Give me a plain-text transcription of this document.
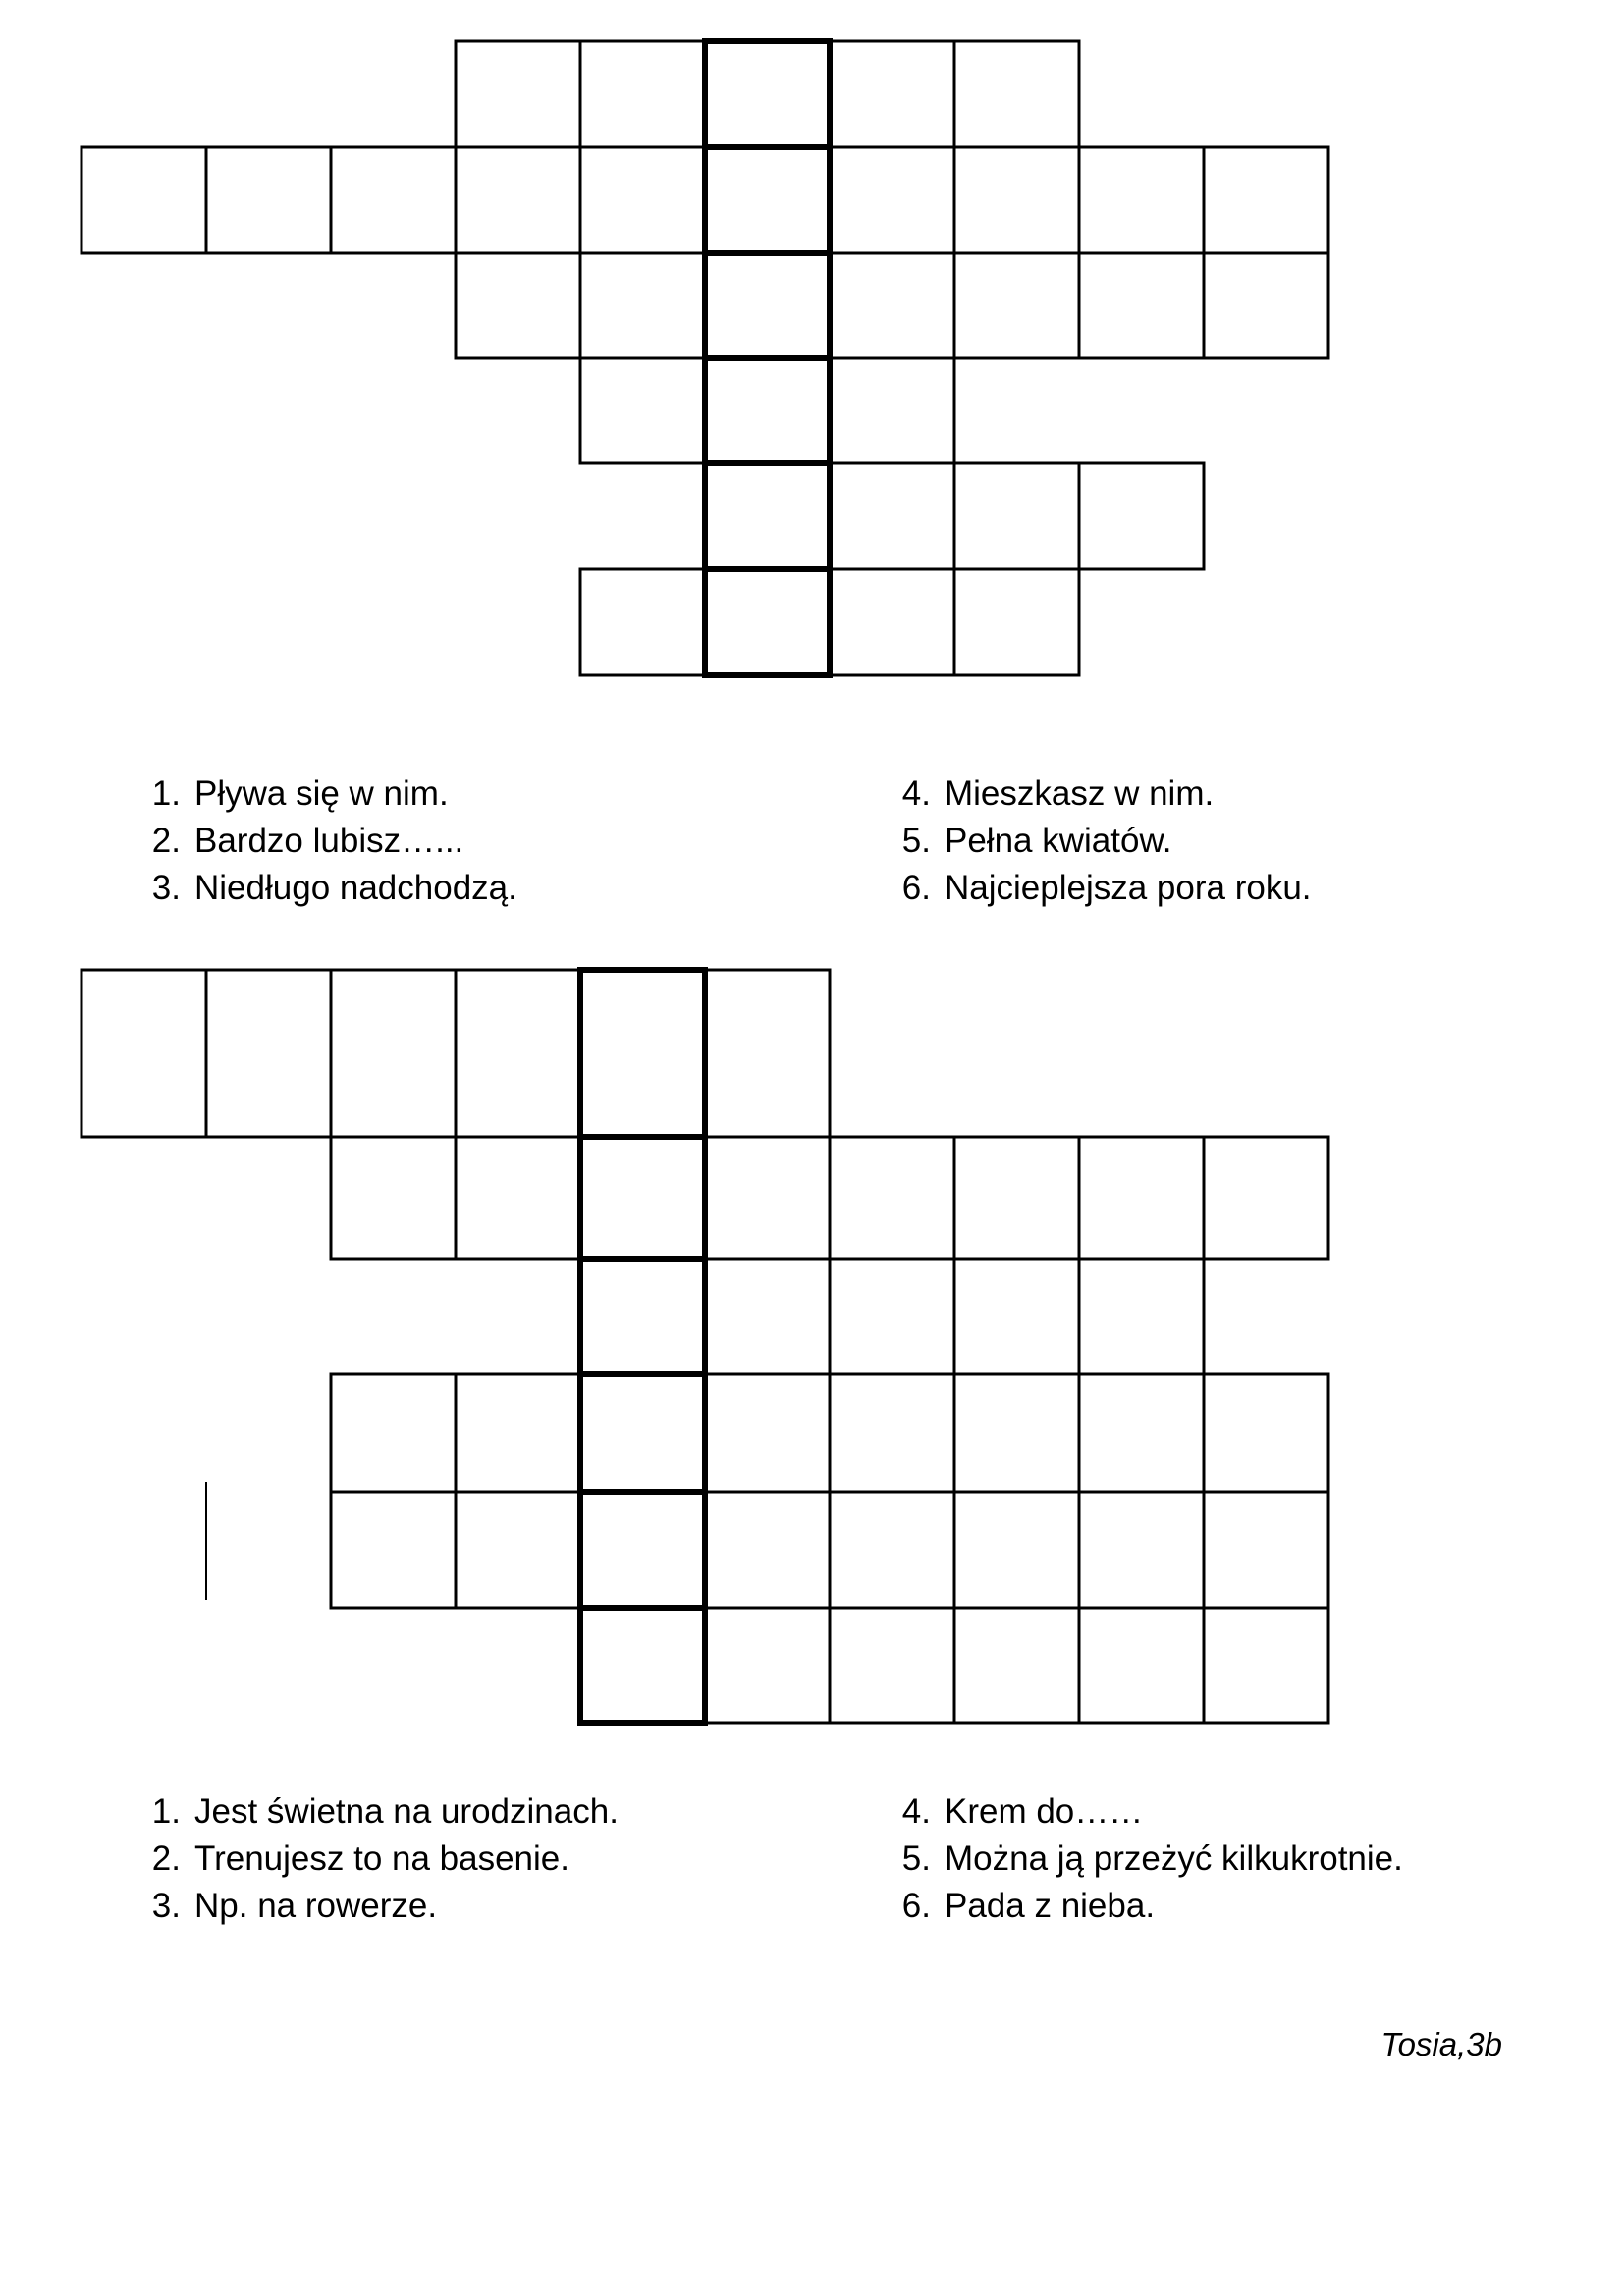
1. Pływa się w nim.
2. Bardzo lubisz…...
3. Niedługo nadchodzą.
4. Mieszkasz w nim.
5. Pełna kwiatów.
6. Najcieplejsza pora roku.
1. Jest świetna na urodzinach.
2. Trenujesz to na basenie.
3. Np. na rowerze.
4. Krem do……
5. Można ją przeżyć kilkukrotnie.
6. Pada z nieba.
Tosia,3b
